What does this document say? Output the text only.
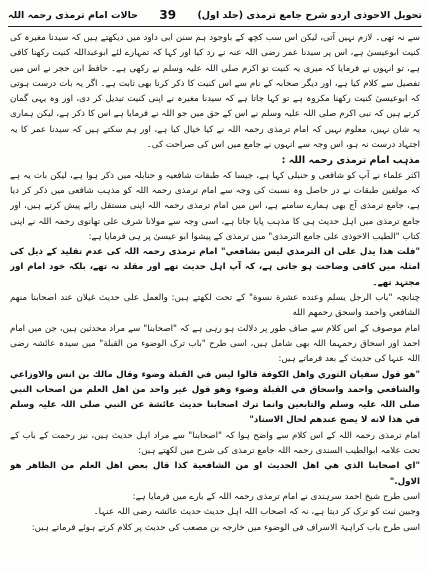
تحویل الاحوذی اردو شرح جامع ترمذی (جلد اول)
39
حالات امام ترمذی رحمہ اللہ

سے نہ تھی۔ لازم نہیں آتی، لیکن اس سب کچھ کے باوجود ہم سنن ابی داود میں دیکھتے ہیں کہ سیدنا مغیرہ کی کنیت ابوعیسیٰ ہے، اس پر سیدنا عمر رضی اللہ عنہ نے رد کیا اور کہا کہ تمہارے لئے ابوعبداللہ کنیت رکھنا کافی ہے، تو انہوں نے فرمایا کہ میری یہ کنیت تو اکرم صلی اللہ علیہ وسلم نے رکھی ہے۔ حافظ ابن حجر نے اس میں تفصیل سے کلام کیا ہے، اور دیگر صحابہ کے نام سے اس کنیت کا ذکر کرنا بھی ثابت ہے۔ اگر یہ بات درست ہوتی کہ ابوعیسیٰ کنیت رکھنا مکروہ ہے تو کہا جاتا ہے کہ سیدنا مغیرہ نے اپنی کنیت تبدیل کر دی، اور وہ یہی گمان کرتے ہیں کہ نبی اکرم صلی اللہ علیہ وسلم نے اس کے حق میں جو اللہ نے فرمایا ہے اس کا ذکر ہے، لیکن ہماری یہ شان نہیں، معلوم نہیں کہ امام ترمذی رحمہ اللہ نے کیا خیال کیا ہے، اور ہم سکتے ہیں کہ سیدنا عمر کا یہ اجتہاد درست نہ ہو، اس وجہ سے انہوں نے جامع میں اس کی صراحت کی۔

مذہب امام ترمذی رحمہ اللہ :

اکثر علماء نے آپ کو شافعی و حنبلی کہا ہے، جیسا کہ طبقات شافعیہ و حنابلہ میں ذکر ہوا ہے، لیکن بات یہ ہے کہ مولفین طبقات نے در حاصل وہ نسبت کی وجہ سے امام ترمذی رحمہ اللہ کو مذہب شافعی میں ذکر کر دیا ہے، جامع ترمذی آج بھی ہمارے سامنے ہے، اس میں امام ترمذی رحمہ اللہ اپنی مستقل رائے پیش کرتے ہیں، اور جامع ترمذی میں اہل حدیث ہی کا مذہب پایا جاتا ہے، اسی وجہ سے مولانا شرف علی تھانوی رحمہ اللہ نے اپنی کتاب "الطیب الاحوذی علی جامع الترمذی" میں ترمذی کے پیشوا ابو عیسیٰ پر ہی فرمایا ہے:

"فلت هذا يدل على ان الترمذي ليس بشافعي" امام ترمذی رحمہ اللہ کی عدم تقلید کے ذیل کی امثلہ میں کافی وضاحت ہو جاتی ہے، کہ آپ اہل حدیث تھے اور مقلد نہ تھے، بلکہ خود امام اور مجتہد تھے۔

چنانچہ "باب الرجل يسلم وعنده عشرة نسوة" کے تحت لکھتے ہیں: والعمل على حديث غيلان عند اصحابنا منهم الشافعي واحمد واسحق رحمهم الله

امام موصوف کے اس کلام سے صاف طور پر دلالت ہو رہی ہے کہ "اصحابنا" سے مراد محدثین ہیں، جن میں امام احمد اور اسحاق رحمہما اللہ بھی شامل ہیں، اسی طرح "باب ترک الوضوء من القبلة" میں سیدہ عائشہ رضی اللہ عنہا کی حدیث کے بعد فرماتے ہیں:

"هو قول سفيان الثوري واهل الكوفة قالوا ليس في القبلة وضوء وقال مالك بن انس والاوزاعي والشافعي واحمد واسحاق في القبلة وضوء وهو قول غير واحد من اهل العلم من اصحاب النبي صلی اللہ علیہ وسلم والتابعين وانما ترك اصحابنا حديث عائشة عن النبي صلی اللہ علیہ وسلم في هذا لانه لا يصح عندهم لحال الاسناد"

امام ترمذی رحمہ اللہ کے اس کلام سے واضح ہوا کہ "اصحابنا" سے مراد اہل حدیث ہیں، نیز رحمت کے باب کے تحت علامہ ابوالطیب السندی رحمہ اللہ جامع ترمذی کی شرح میں لکھتے ہیں:

"اي اصحابنا الذي هي اهل الحديث او من الشافعية كذا قال بعض اهل العلم من الظاهر هو الاول."

اسی طرح شیخ احمد سرہندی نے امام ترمذی رحمہ اللہ کے بارے میں فرمایا ہے:

وجبین ثبت کو ترک کر دیتا ہے، نہ کہ اصحاب اللہ اہل حدیث حدیث عائشہ رضی اللہ عنہا۔

اسی طرح باب کراہیۃ الاسراف فی الوضوء میں خارجہ بن مصعب کی حدیث پر کلام کرتے ہوئے فرماتے ہیں:
